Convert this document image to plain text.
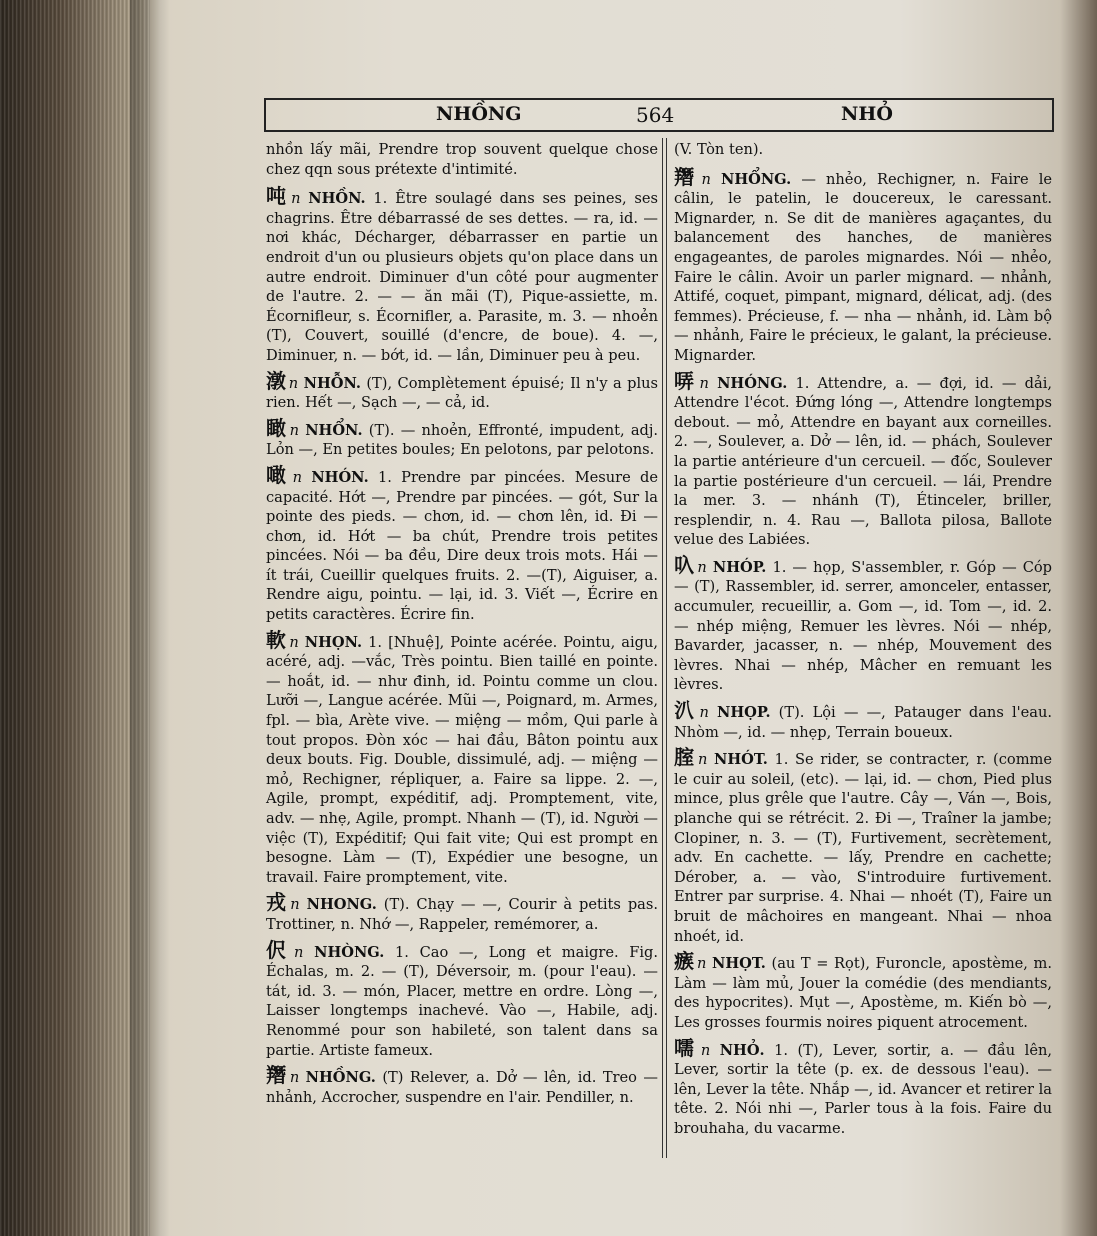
NHỒNG	564	NHỎ

nhồn lấy mãi, Prendre trop souvent quelque chose chez qqn sous prétexte d'intimité.

吨 n NHỒN. 1. Être soulagé dans ses peines, ses chagrins. Être débarrassé de ses dettes. — ra, id. — nơi khác, Décharger, débarrasser en partie un endroit d'un ou plusieurs objets qu'on place dans un autre endroit. Diminuer d'un côté pour augmenter de l'autre. 2. — — ăn mãi (T), Pique-assiette, m. Écornifleur, s. Écornifler, a. Parasite, m. 3. — nhoẻn (T), Couvert, souillé (d'encre, de boue). 4. —, Diminuer, n. — bớt, id. — lần, Diminuer peu à peu.

潡 n NHỖN. (T), Complètement épuisé; Il n'y a plus rien. Hết —, Sạch —, — cả, id.

瞰 n NHỔN. (T). — nhoẻn, Effronté, impudent, adj. Lỏn —, En petites boules; En pelotons, par pelotons.

噉 n NHÓN. 1. Prendre par pincées. Mesure de capacité. Hớt —, Prendre par pincées. — gót, Sur la pointe des pieds. — chơn, id. — chơn lên, id. Đi — chơn, id. Hớt — ba chút, Prendre trois petites pincées. Nói — ba đều, Dire deux trois mots. Hái — ít trái, Cueillir quelques fruits. 2. —(T), Aiguiser, a. Rendre aigu, pointu. — lại, id. 3. Viết —, Écrire en petits caractères. Écrire fin.

軟 n NHỌN. 1. [Nhuệ], Pointe acérée. Pointu, aigu, acéré, adj. —vắc, Très pointu. Bien taillé en pointe. — hoắt, id. — như đinh, id. Pointu comme un clou. Lưỡi —, Langue acérée. Mũi —, Poignard, m. Armes, fpl. — bìa, Arète vive. — miệng — mồm, Qui parle à tout propos. Đòn xóc — hai đầu, Bâton pointu aux deux bouts. Fig. Double, dissimulé, adj. — miệng — mỏ, Rechigner, répliquer, a. Faire sa lippe. 2. —, Agile, prompt, expéditif, adj. Promptement, vite, adv. — nhẹ, Agile, prompt. Nhanh — (T), id. Người — việc (T), Expéditif; Qui fait vite; Qui est prompt en besogne. Làm — (T), Expédier une besogne, un travail. Faire promptement, vite.

戎 n NHONG. (T). Chạy — —, Courir à petits pas. Trottiner, n. Nhớ —, Rappeler, remémorer, a.

伬 n NHÒNG. 1. Cao —, Long et maigre. Fig. Échalas, m. 2. — (T), Déversoir, m. (pour l'eau). — tát, id. 3. — món, Placer, mettre en ordre. Lòng —, Laisser longtemps inachevé. Vào —, Habile, adj. Renommé pour son habileté, son talent dans sa partie. Artiste fameux.

䍼 n NHỒNG. (T) Relever, a. Dở — lên, id. Treo —nhảnh, Accrocher, suspendre en l'air. Pendiller, n.

(V. Tòn ten).

䍼 n NHỔNG. — nhẻo, Rechigner, n. Faire le câlin, le patelin, le doucereux, le caressant. Mignarder, n. Se dit de manières agaçantes, du balancement des hanches, de manières engageantes, de paroles mignardes. Nói — nhẻo, Faire le câlin. Avoir un parler mignard. — nhảnh, Attifé, coquet, pimpant, mignard, délicat, adj. (des femmes). Précieuse, f. — nha — nhảnh, id. Làm bộ — nhảnh, Faire le précieux, le galant, la précieuse. Mignarder.

哢 n NHÓNG. 1. Attendre, a. — đợi, id. — dải, Attendre l'écot. Đứng lóng —, Attendre longtemps debout. — mỏ, Attendre en bayant aux corneilles. 2. —, Soulever, a. Dở — lên, id. — phách, Soulever la partie antérieure d'un cercueil. — đốc, Soulever la partie postérieure d'un cercueil. — lái, Prendre la mer. 3. — nhánh (T), Étinceler, briller, resplendir, n. 4. Rau —, Ballota pilosa, Ballote velue des Labiées.

叺 n NHÓP. 1. — họp, S'assembler, r. Góp — Cóp — (T), Rassembler, id. serrer, amonceler, entasser, accumuler, recueillir, a. Gom —, id. Tom —, id. 2. — nhép miệng, Remuer les lèvres. Nói — nhép, Bavarder, jacasser, n. — nhép, Mouvement des lèvres. Nhai — nhép, Mâcher en remuant les lèvres.

汃 n NHỌP. (T). Lội — —, Patauger dans l'eau. Nhòm —, id. — nhẹp, Terrain boueux.

腟 n NHÓT. 1. Se rider, se contracter, r. (comme le cuir au soleil, (etc). — lại, id. — chơn, Pied plus mince, plus grêle que l'autre. Cây —, Ván —, Bois, planche qui se rétrécit. 2. Đi —, Traîner la jambe; Clopiner, n. 3. — (T), Furtivement, secrètement, adv. En cachette. — lấy, Prendre en cachette; Dérober, a. — vào, S'introduire furtivement. Entrer par surprise. 4. Nhai — nhoét (T), Faire un bruit de mâchoires en mangeant. Nhai — nhoa nhoét, id.

瘯 n NHỌT. (au T = Rọt), Furoncle, apostème, m. Làm — làm mủ, Jouer la comédie (des mendiants, des hypocrites). Mụt —, Apostème, m. Kiến bò —, Les grosses fourmis noires piquent atrocement.

嚅 n NHỎ. 1. (T), Lever, sortir, a. — đầu lên, Lever, sortir la tête (p. ex. de dessous l'eau). — lên, Lever la tête. Nhắp —, id. Avancer et retirer la tête. 2. Nói nhi —, Parler tous à la fois. Faire du brouhaha, du vacarme.
